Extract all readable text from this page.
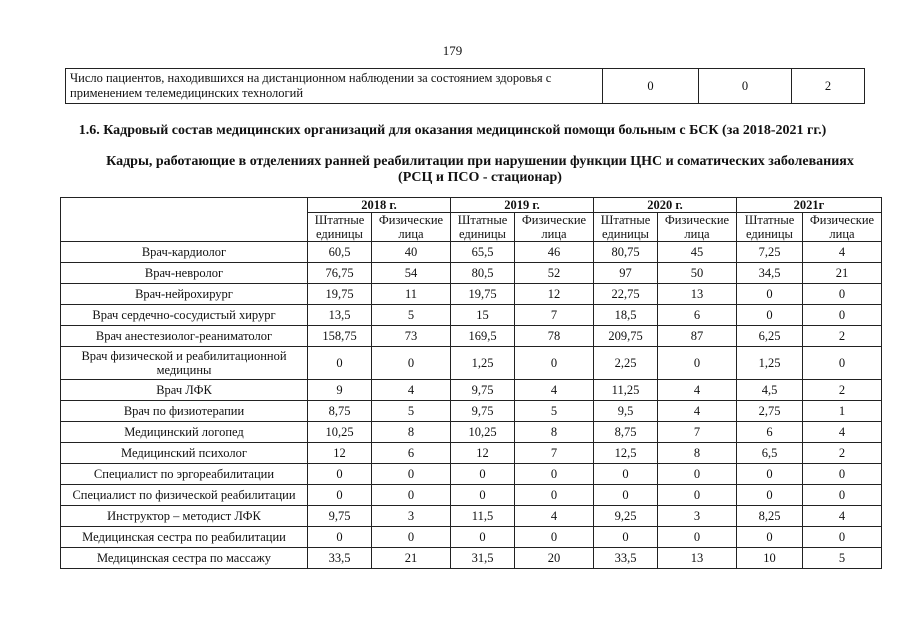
179
Число пациентов, находившихся на дистанционном наблюдении за состоянием здоровья с применением телемедицинских технологий	0	0	2
1.6. Кадровый состав медицинских организаций для оказания медицинской помощи больным с БСК (за 2018-2021 гг.)
Кадры, работающие в отделениях ранней реабилитации при нарушении функции ЦНС и соматических заболеваниях
(РСЦ и ПСО - стационар)
	2018 г.		2019 г.		2020 г.		2021г	
	Штатные единицы	Физические лица	Штатные единицы	Физические лица	Штатные единицы	Физические лица	Штатные единицы	Физические лица
Врач-кардиолог	60,5	40	65,5	46	80,75	45	7,25	4
Врач-невролог	76,75	54	80,5	52	97	50	34,5	21
Врач-нейрохирург	19,75	11	19,75	12	22,75	13	0	0
Врач сердечно-сосудистый хирург	13,5	5	15	7	18,5	6	0	0
Врач анестезиолог-реаниматолог	158,75	73	169,5	78	209,75	87	6,25	2
Врач физической и реабилитационной медицины	0	0	1,25	0	2,25	0	1,25	0
Врач ЛФК	9	4	9,75	4	11,25	4	4,5	2
Врач по физиотерапии	8,75	5	9,75	5	9,5	4	2,75	1
Медицинский логопед	10,25	8	10,25	8	8,75	7	6	4
Медицинский психолог	12	6	12	7	12,5	8	6,5	2
Специалист по эргореабилитации	0	0	0	0	0	0	0	0
Специалист по физической реабилитации	0	0	0	0	0	0	0	0
Инструктор – методист ЛФК	9,75	3	11,5	4	9,25	3	8,25	4
Медицинская сестра по реабилитации	0	0	0	0	0	0	0	0
Медицинская сестра по массажу	33,5	21	31,5	20	33,5	13	10	5
